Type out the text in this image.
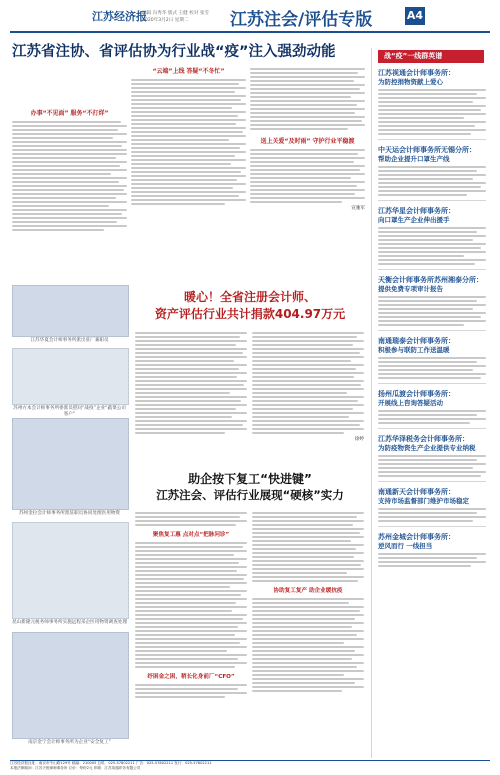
江苏经济报
编辑 冯秀华 版式 王健 校对 张雪
2020年3月2日 星期二 江苏注会/评估专版	A4
江苏省注协、省评估协为行业战“疫”注入强劲动能
办事“不见面” 服务“不打烊”
“云端”上线 答疑“不冬忙”
送上关爱“及时雨” 守护行业平稳渡
宣驰军
江苏华夏会计师事务所派出驻厂兼职员
苏州方本会计师事务所委派员慰问“战疫”企业“蔬菜公司客户”
苏州金拉会计师事务所派驻职员协同处理医用物资
昆山新隆元税务师事务所实施远程采企医用物资调查处理
南京金宁会计师事务所为企业“安全复工”
暖心！全省注册会计师、
资产评估行业共计捐款404.97万元
徐婷
助企按下复工“快进键”
江苏注会、评估行业展现“硬核”实力
聚焦复工惠 点对点“把脉问诊”
纾困金之困，稍长化身前厂“CFO”
协助复工复产 助企业缓抗疫
战“疫”一线群英谱
江苏视通会计师事务所：
为防控捐物资献上爱心
中天运会计师事务所无锡分所：
帮助企业提升口罩生产线
江苏华星会计师事务所：
向口罩生产企业伸出援手
天衡会计师事务所苏州湘泰分所：
提供免费专项审计报告
南通瑞泰会计师事务所：
积极参与联防工作送温暖
扬州瓜渡会计师事务所：
开展线上咨询答疑活动
江苏华泽税务会计师事务所：
为防疫物资生产企业提供专业纳税
南通新天会计师事务所：
支持市场监督部门维护市场稳定
苏州金城会计师事务所：
逆风而行 一线担当
江苏经济报社址：南京市中山路129号 邮编：210005 总机：025-57802211 广告：025-57802211 发行：025-57802211
本报法律顾问：江苏天倪律师事务所 订价：每份2元 印刷：江苏凤凰印务有限公司
